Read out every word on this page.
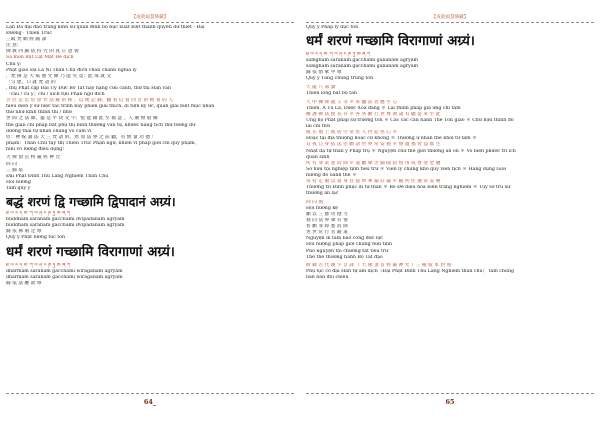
【成就福慧修藏】
Lạn Đà đại đạo tràng kinh sư quán đỉnh bộ bục xuất biệt thánh quyền dữ thiết - Đại
Đường · Thiên Trúc
三皈 梵 網 經 隨 譯
注 意：
佛 教 四 歸 依 持 咒 的 真 正 意 義
Sa môn Bất Lạt Mật Đế dịch
Chú ý:
Phật giáo Đà La Ni Thần Chú đích chân chánh nghĩa lý
，梵 佛 是 大 威 德 咒 陳 乃 能 究 竟：此 成 就 文
「匀 建，口 就 梵 語 的
, thụ Phật cập Đại Uy Đức Bồ Tát này nặng cứu cánh, thử thị Hán văn
「câu / cú ý」chi / xích tựu Phạn ngữ đích
否 臣 是 忠 於 原 作 法 解 的 釋 ，以 便 記 錄，翻 看 信 賢 同 音 的 輕 易 的 人
hiểu diễn ý sư lược tác trình bày phiên giải thích, dĩ tiện ký ức, quan giải biệt mục nhân
thứ như kính thỉnh thì / như
世 間 之 法 師，靈 是 平 淡 文 字；恆 能 藉 此 至 福 慧 ，人 聚 無 般 緣
thế gian chi pháp bất phụ thị bình thường văn tự, khước năng tích thử tương dữ
dương thái tự nhân chủng vô cảm vi
但：神 呪 讀 法 天 三 梵 語 的，然 而 法 界 之 前 聽，有 無 量 功 德 ！
phạm：Thần Chú tụy thị Thiên Trúc Phạn ngữ, nhiên vi pháp giới chi quý phạm,
hữu vô lượng điều dụng！
大 佛 頂 首 楞 嚴 經 神 咒
回 向
三 歸 依
Đại Phật Đỉnh Thủ Lăng Nghiêm Thần Chú
Hồi hướng
Tam quy y
बद्धं शरणं द्वि गच्छामि द्विपादानं अग्र्यं।
ཐ ལ ར ད མ་ ཀ ལ ཤ ར ཎ ཏུ ཨ ཞ ཀ
buddham śaranam gacchāmi dvipādānam agryam
buddham śaranam gacchāmi dvipādānam agryam
歸 依 佛 兩 足 尊
Quy y Phật lưỡng túc tôn
धर्मं शरणं गच्छामि विरागाणां अग्र्यं।
ཐ ལ ར ད མ་ ཀ ལ ཤ ར ཎ ཏུ ཨ ཞ ཀ
dharmam śaranam gacchāmi wirāgānām agryam
dharmam śaranam gacchāmi wirāgānām agryam
歸 依 法 離 欲 尊
64_
【成就福慧修藏】
Quy y Pháp ly dục tôn
धर्मं शरणं गच्छामि विरागाणां अग्र्यं।
ཐ ལ ར ད མ་ ཀ ལ ཤ ར ཎ ཏུ ཨ ཞ ཀ
samgham śaranam gacchāmi ganānām agryam
samgham śaranam gacchāmi ganānām agryam
歸 依 僧 眾 中 尊
Quy y Tăng chúng trung tôn
天 龍 八 部 讚
Thiên long bát bộ tán
天 中 揀 擇 龍 王 等 ＊ 來 聽 法 者 應 至 心
Thiên, A Tu La, Dược Xoa đẳng ＊ Lai thính pháp giả ưng chí tâm
擁 護 佛 法 使 長 存 ＊ 各 各 勤 行 世 尊 教 諸 有 聽 徒 來 至 此
Ủng hộ Phật pháp sử trường tồn ＊ Các các cần hành Thế Tôn giáo ＊ Chư hữu thính đồ
lai chí thử
或 在 地 上 或 居 空 常 於 人 世 起 慈 心 ＊
Hoặc tại địa thượng hoặc cư không ＊ Thường ư nhân thế khởi từ tâm ＊
日 夜 自 身 依 法 住 願 諸 世 界 常 安 穩 ＊ 無 邊 福 智 益 群 生
Nhật dạ tự thân y Pháp trụ ＊ Nguyện chư thế giới thường an ổn ＊ Vô biên phước trí ích
quần sinh
所 有 罪 業 並 消 除 ＊ 遠 離 眾 苦 歸 圓 寂 恆 用 戒 香 塗 瑩 體
Sở hữu tội nghiệp tịnh tiêu trừ ＊ Viễn ly chúng khổ quy viên tịch ＊ Hằng dụng Giới
hương đồ oánh thể ＊
常 持 定 服 以 資 身 菩 提 妙 華 遍 莊 嚴 ＊ 隨 所 住 處 常 安 樂
Thường trì Định phục dĩ tư thân ＊ Bồ Đề diệu hoa biến trang nghiêm ＊ Tùy sở trú xứ
thường an lạc
回 向 偈
Hồi hướng kệ
願 以 三 寶 功 德 力
迴 向 法 界 眾 有 情
普 願 罪 障 悉 消 除
世 世 常 行 菩 薩 道
Nguyện dĩ tam bảo công đức lực
Hồi hướng pháp giới chúng hữu tình
Phổ nguyện tội chướng tất tiêu trừ
Thế thế thường hành Bồ Tát đạo
附 錄 古 代 漢 字 音 譯 （ 大 佛 頂 首 楞 嚴 神 咒 ）三 種 版 本 對 照
Phụ lục cổ đại Hán tự âm dịch（Đại Phật Đỉnh Thủ Lăng Nghiêm thần chú） tam chủng
bản bản đối chiếu
65
